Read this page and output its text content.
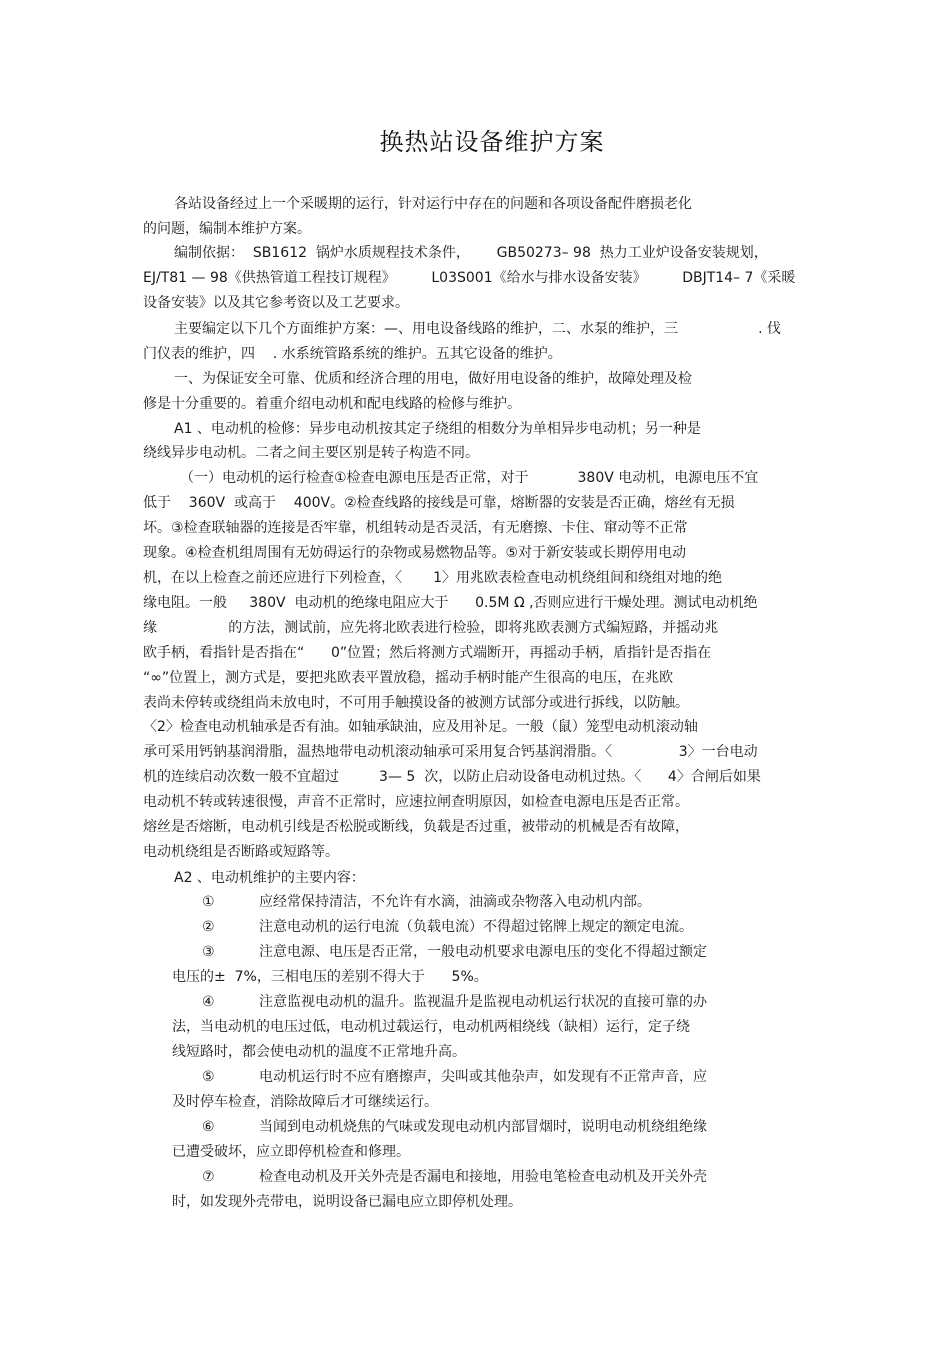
换热站设备维护方案
各站设备经过上一个采暖期的运行，针对运行中存在的问题和各项设备配件磨损老化
的问题，编制本维护方案。
编制依据：  SB1612  锅炉水质规程技术条件，      GB50273– 98  热力工业炉设备安装规划，
EJ/T81 — 98《供热管道工程技订规程》        L03S001《给水与排水设备安装》        DBJT14– 7《采暖
设备安装》以及其它参考资以及工艺要求。
主要编定以下几个方面维护方案：—、用电设备线路的维护，二、水泵的维护，三                  . 伐
门仪表的维护，四    . 水系统管路系统的维护。五其它设备的维护。
一、为保证安全可靠、优质和经济合理的用电，做好用电设备的维护，故障处理及检
修是十分重要的。着重介绍电动机和配电线路的检修与维护。
A1 、电动机的检修：异步电动机按其定子绕组的相数分为单相异步电动机；另一种是
绕线异步电动机。二者之间主要区别是转子构造不同。
（一）电动机的运行检查①检查电源电压是否正常，对于           380V 电动机，电源电压不宜
低于    360V  或高于    400V。②检查线路的接线是可靠，熔断器的安装是否正确，熔丝有无损
坏。③检查联轴器的连接是否牢靠，机组转动是否灵活，有无磨擦、卡住、窜动等不正常
现象。④检查机组周围有无妨碍运行的杂物或易燃物品等。⑤对于新安装或长期停用电动
机，在以上检查之前还应进行下列检查，〈       1〉用兆欧表检查电动机绕组间和绕组对地的绝
缘电阻。一般     380V  电动机的绝缘电阻应大于      0.5M Ω ,否则应进行干燥处理。测试电动机绝
缘                的方法，测试前，应先将北欧表进行检验，即将兆欧表测方式编短路，并摇动兆
欧手柄，看指针是否指在“      0”位置；然后将测方式端断开，再摇动手柄，盾指针是否指在
“∞”位置上，测方式是，要把兆欧表平置放稳，摇动手柄时能产生很高的电压，在兆欧
表尚未停转或绕组尚未放电时，不可用手触摸设备的被测方试部分或进行拆线，以防触。
〈2〉检查电动机轴承是否有油。如轴承缺油，应及用补足。一般（鼠）笼型电动机滚动轴
承可采用钙钠基润滑脂，温热地带电动机滚动轴承可采用复合钙基润滑脂。〈               3〉一台电动
机的连续启动次数一般不宜超过         3— 5  次，以防止启动设备电动机过热。〈      4〉合闸后如果
电动机不转或转速很慢，声音不正常时，应速拉闸查明原因，如检查电源电压是否正常。
熔丝是否熔断，电动机引线是否松脱或断线，负载是否过重，被带动的机械是否有故障，
电动机绕组是否断路或短路等。
A2 、电动机维护的主要内容：
①          应经常保持清洁，不允许有水滴，油滴或杂物落入电动机内部。
②          注意电动机的运行电流（负载电流）不得超过铭牌上规定的额定电流。
③          注意电源、电压是否正常，一般电动机要求电源电压的变化不得超过额定
电压的±  7%，三相电压的差别不得大于      5%。
④          注意监视电动机的温升。监视温升是监视电动机运行状况的直接可靠的办
法，当电动机的电压过低，电动机过载运行，电动机两相绕线（缺相）运行，定子绕
线短路时，都会使电动机的温度不正常地升高。
⑤          电动机运行时不应有磨擦声，尖叫或其他杂声，如发现有不正常声音，应
及时停车检查，消除故障后才可继续运行。
⑥          当闻到电动机烧焦的气味或发现电动机内部冒烟时，说明电动机绕组绝缘
已遭受破坏，应立即停机检查和修理。
⑦          检查电动机及开关外壳是否漏电和接地，用验电笔检查电动机及开关外壳
时，如发现外壳带电，说明设备已漏电应立即停机处理。
